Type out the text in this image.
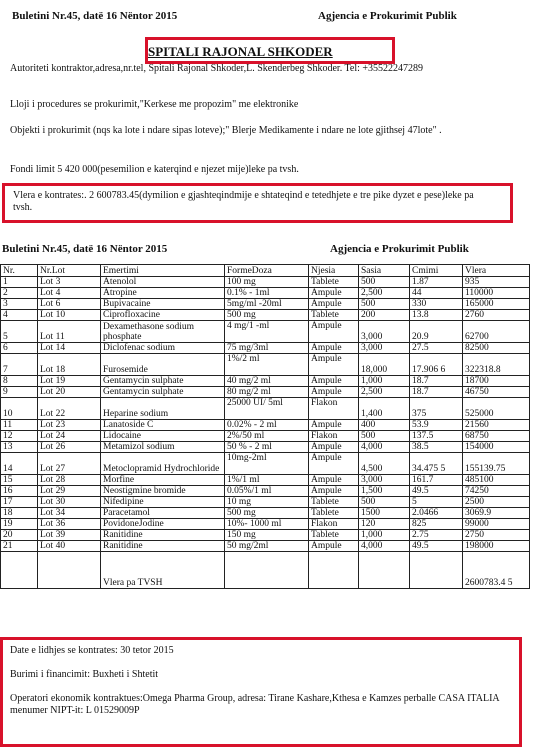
Buletini Nr.45, datë 16 Nëntor 2015	Agjencia e Prokurimit Publik
SPITALI RAJONAL SHKODER
Autoriteti kontraktor,adresa,nr.tel, Spitali Rajonal Shkoder,L. Skenderbeg Shkoder. Tel: +35522247289
Lloji i procedures se prokurimit,"Kerkese me propozim" me elektronike
Objekti i prokurimit (nqs ka lote i ndare sipas loteve);" Blerje Medikamente i ndare ne lote gjithsej 47lote" .
Fondi limit 5 420 000(pesemilion e katerqind e njezet mije)leke pa tvsh.
Vlera e kontrates:. 2 600783.45(dymilion e gjashteqindmije e shtateqind e tetedhjete e tre pike dyzet e pese)leke pa tvsh.
Buletini Nr.45, datë 16 Nëntor 2015	Agjencia e Prokurimit Publik
Nr.	Nr.Lot	Emertimi	FormeDoza	Njesia	Sasia	Cmimi	Vlera
1	Lot 3	Atenolol	100 mg	Tablete	500	1.87	935
2	Lot 4	Atropine	0.1% - 1ml	Ampule	2,500	44	110000
3	Lot 6	Bupivacaine	5mg/ml -20ml	Ampule	500	330	165000
4	Lot 10	Ciprofloxacine	500 mg	Tablete	200	13.8	2760
5	Lot 11	Dexamethasone sodium phosphate	4 mg/1 -ml	Ampule	3,000	20.9	62700
6	Lot 14	Diclofenac sodium	75 mg/3ml	Ampule	3,000	27.5	82500
7	Lot 18	Furosemide	1%/2 ml	Ampule	18,000	17.906 6	322318.8
8	Lot 19	Gentamycin sulphate	40 mg/2 ml	Ampule	1,000	18.7	18700
9	Lot 20	Gentamycin sulphate	80 mg/2 ml	Ampule	2,500	18.7	46750
10	Lot 22	Heparine sodium	25000 UI/ 5ml	Flakon	1,400	375	525000
11	Lot 23	Lanatoside C	0.02% - 2 ml	Ampule	400	53.9	21560
12	Lot 24	Lidocaine	2%/50 ml	Flakon	500	137.5	68750
13	Lot 26	Metamizol sodium	50 % - 2 ml	Ampule	4,000	38.5	154000
14	Lot 27	Metoclopramid Hydrochloride	10mg-2ml	Ampule	4,500	34.475 5	155139.75
15	Lot 28	Morfine	1%/1 ml	Ampule	3,000	161.7	485100
16	Lot 29	Neostigmine bromide	0.05%/1 ml	Ampule	1,500	49.5	74250
17	Lot 30	Nifedipine	10 mg	Tablete	500	5	2500
18	Lot 34	Paracetamol	500 mg	Tablete	1500	2.0466	3069.9
19	Lot 36	PovidoneJodine	10%- 1000 ml	Flakon	120	825	99000
20	Lot 39	Ranitidine	150 mg	Tablete	1,000	2.75	2750
21	Lot 40	Ranitidine	50 mg/2ml	Ampule	4,000	49.5	198000
		Vlera pa TVSH					2600783.4 5
Date e lidhjes se kontrates: 30 tetor 2015
Burimi i financimit: Buxheti i Shtetit
Operatori ekonomik kontraktues:Omega Pharma Group, adresa: Tirane Kashare,Kthesa e Kamzes perballe CASA ITALIA menumer NIPT-it: L 01529009P
